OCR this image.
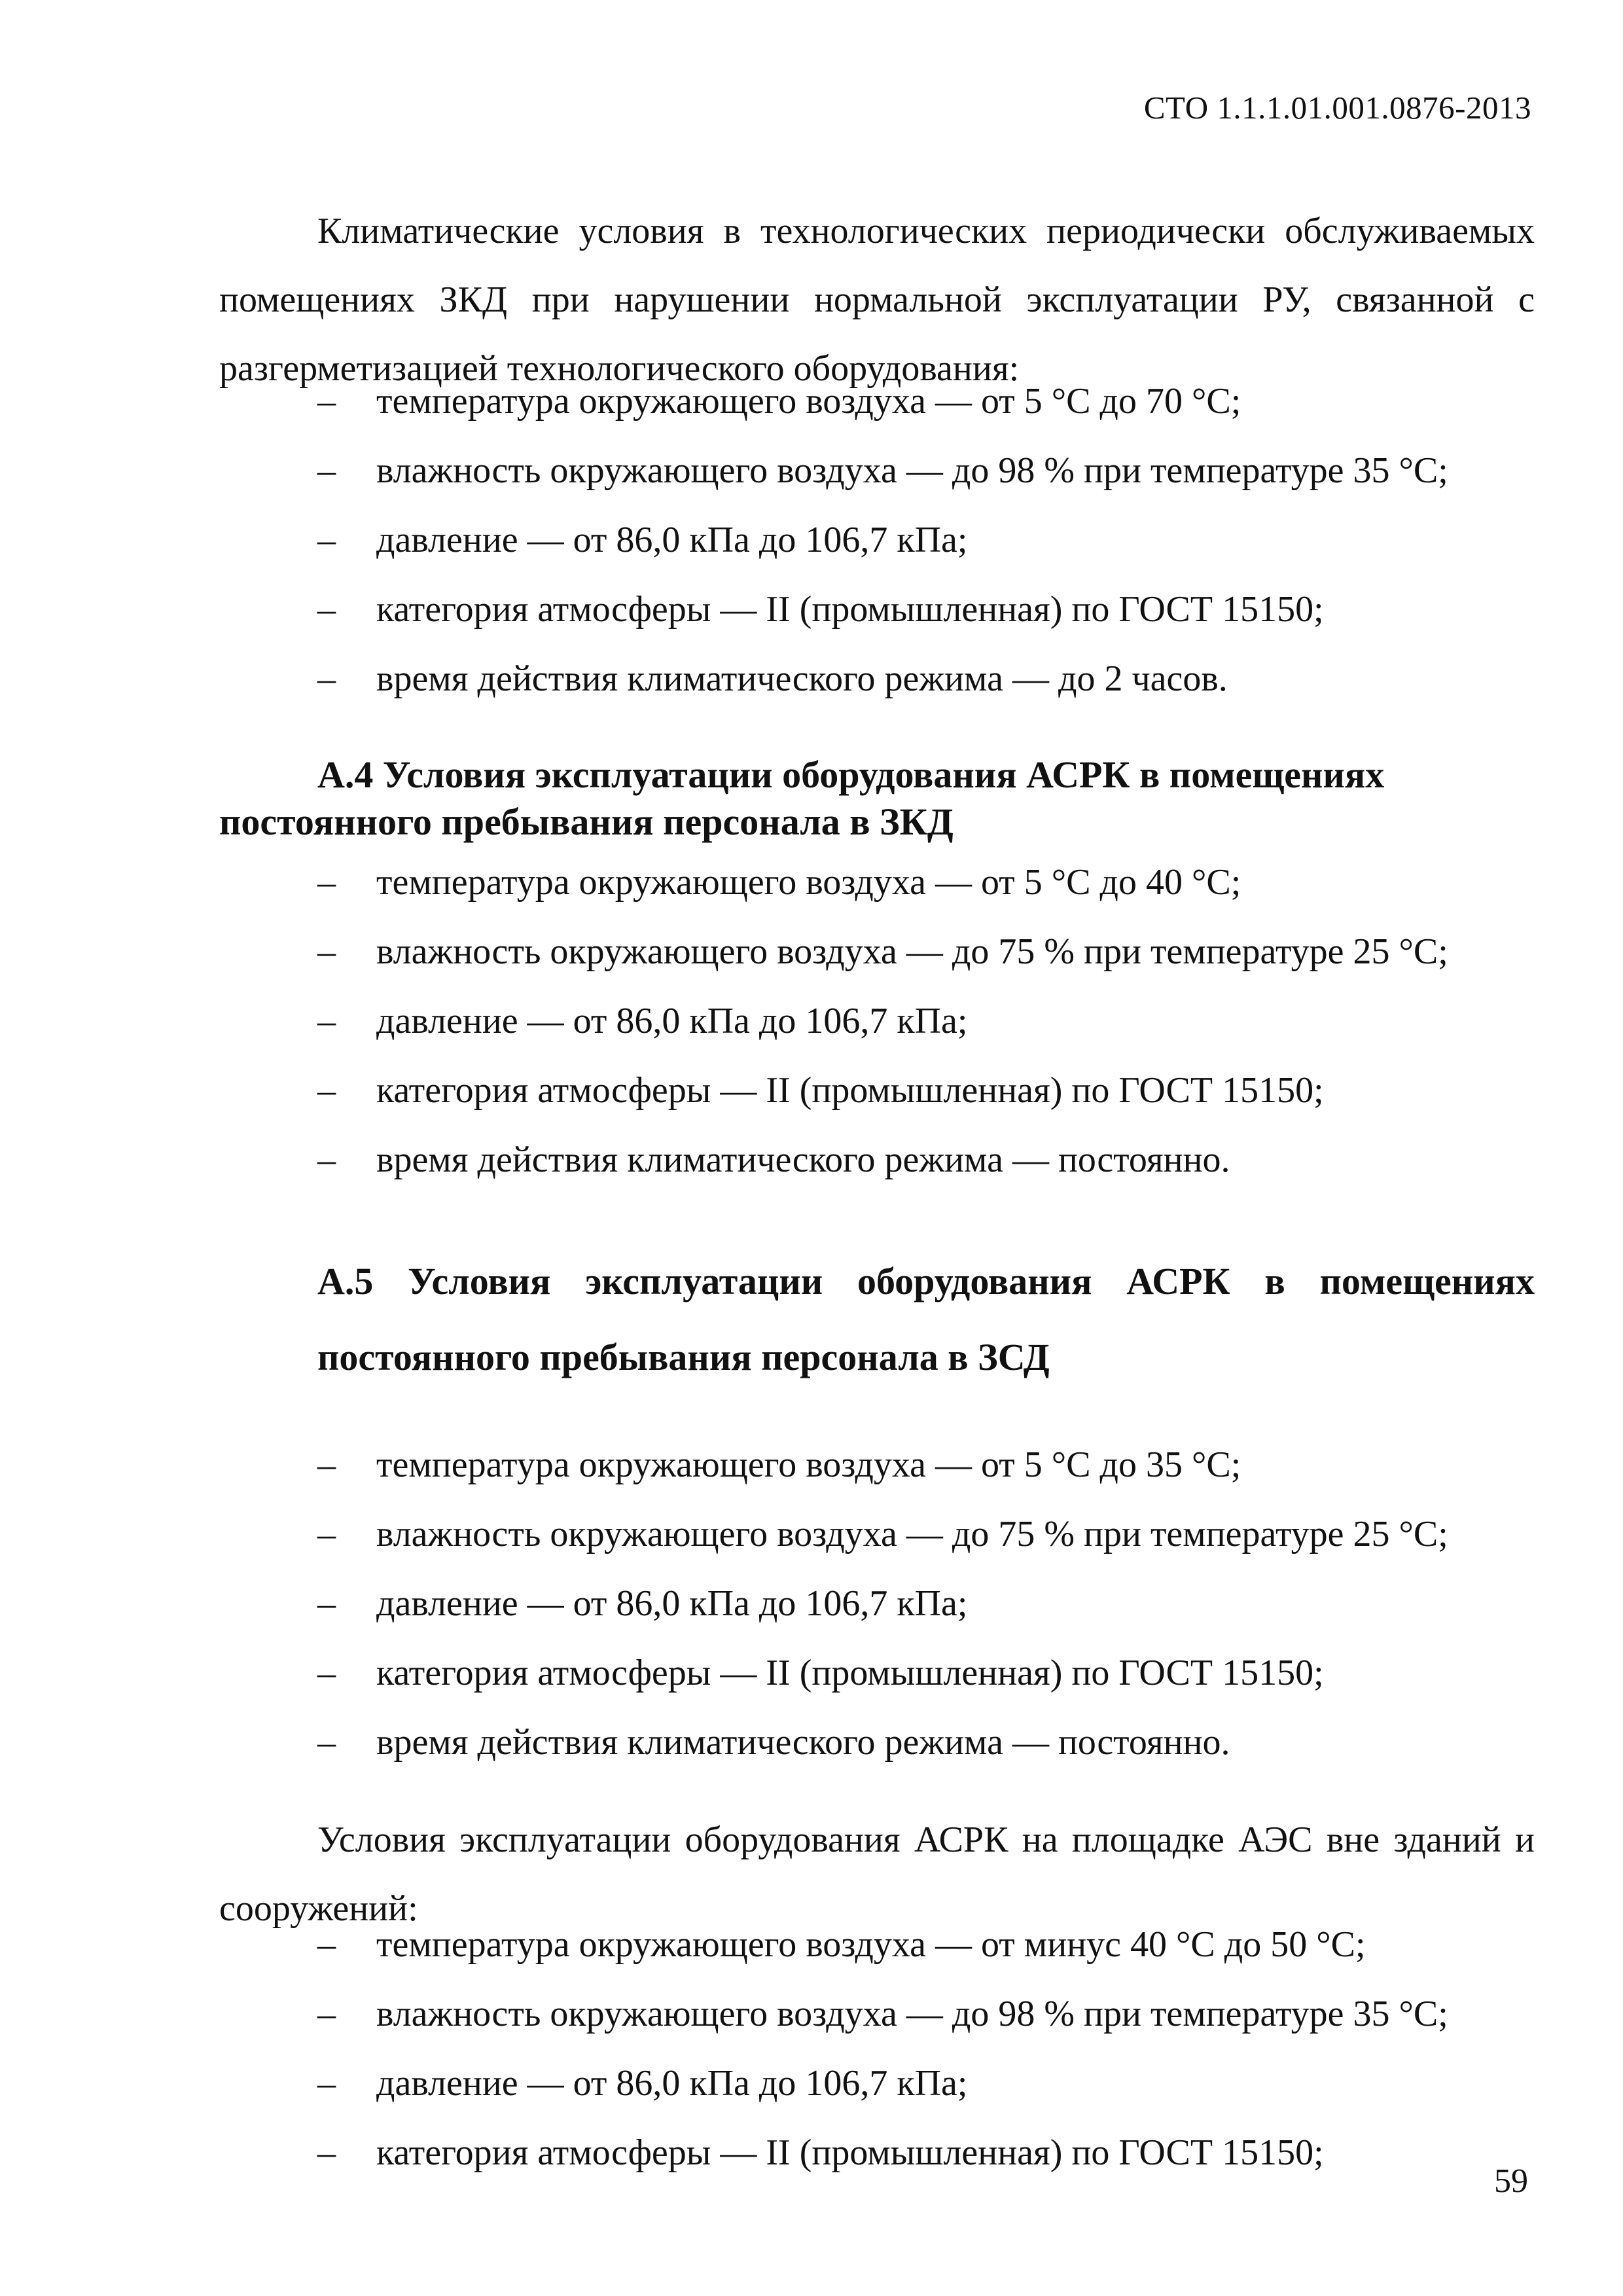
СТО 1.1.1.01.001.0876-2013

Климатические условия в технологических периодически обслуживаемых помещениях ЗКД при нарушении нормальной эксплуатации РУ, связанной с разгерметизацией технологического оборудования:

– температура окружающего воздуха — от 5 °С до 70 °С;
– влажность окружающего воздуха — до 98 % при температуре 35 °С;
– давление — от 86,0 кПа до 106,7 кПа;
– категория атмосферы — II (промышленная) по ГОСТ 15150;
– время действия климатического режима — до 2 часов.
А.4 Условия эксплуатации оборудования АСРК в помещениях постоянного пребывания персонала в ЗКД
– температура окружающего воздуха — от 5 °С до 40 °С;
– влажность окружающего воздуха — до 75 % при температуре 25 °С;
– давление — от 86,0 кПа до 106,7 кПа;
– категория атмосферы — II (промышленная) по ГОСТ 15150;
– время действия климатического режима — постоянно.
А.5 Условия эксплуатации оборудования АСРК в помещениях постоянного пребывания персонала в ЗСД
– температура окружающего воздуха — от 5 °С до 35 °С;
– влажность окружающего воздуха — до 75 % при температуре 25 °С;
– давление — от 86,0 кПа до 106,7 кПа;
– категория атмосферы — II (промышленная) по ГОСТ 15150;
– время действия климатического режима — постоянно.

Условия эксплуатации оборудования АСРК на площадке АЭС вне зданий и сооружений:

– температура окружающего воздуха — от минус 40 °С до 50 °С;
– влажность окружающего воздуха — до 98 % при температуре 35 °С;
– давление — от 86,0 кПа до 106,7 кПа;
– категория атмосферы — II (промышленная) по ГОСТ 15150;
59
